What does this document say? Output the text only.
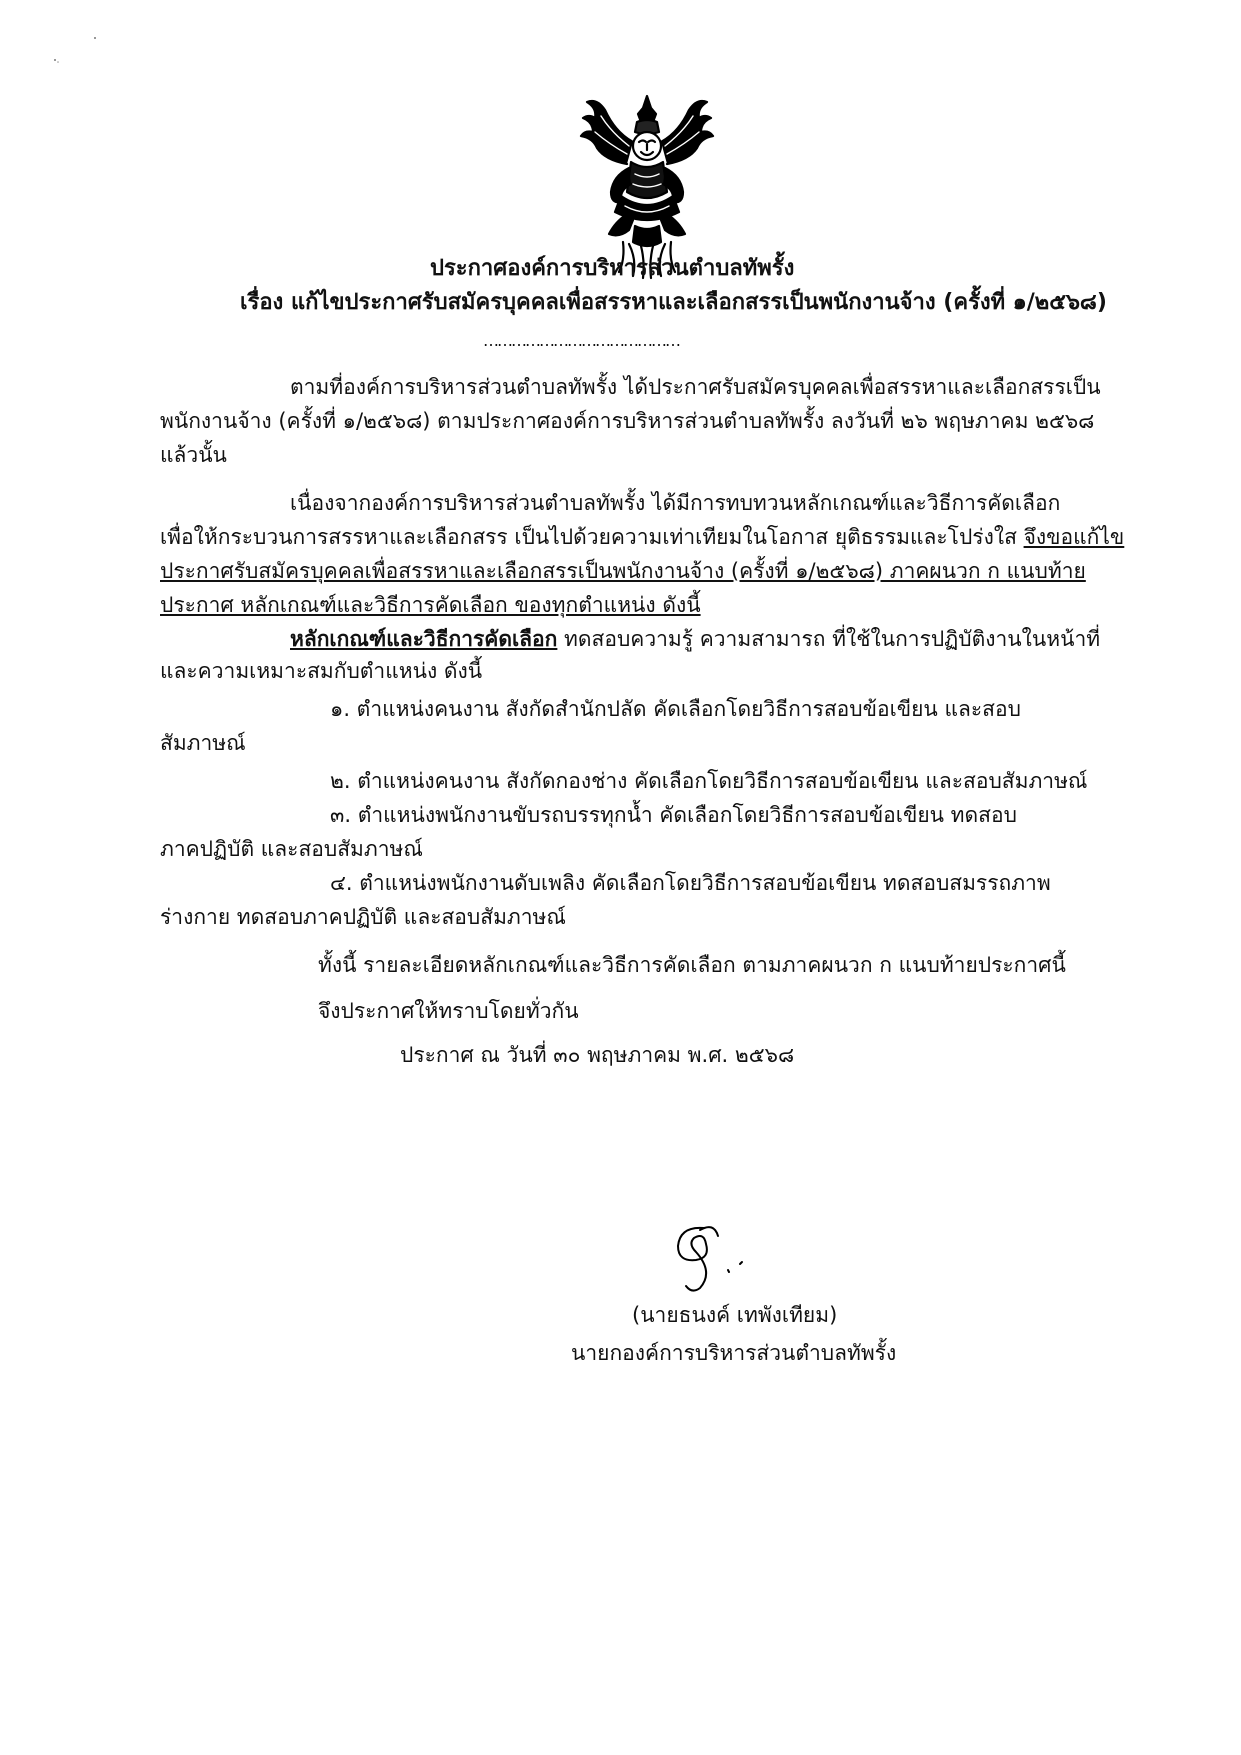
ประกาศองค์การบริหารส่วนตำบลทัพรั้ง
เรื่อง แก้ไขประกาศรับสมัครบุคคลเพื่อสรรหาและเลือกสรรเป็นพนักงานจ้าง (ครั้งที่ ๑/๒๕๖๘)
……………………………………
ตามที่องค์การบริหารส่วนตำบลทัพรั้ง ได้ประกาศรับสมัครบุคคลเพื่อสรรหาและเลือกสรรเป็น
พนักงานจ้าง (ครั้งที่ ๑/๒๕๖๘) ตามประกาศองค์การบริหารส่วนตำบลทัพรั้ง ลงวันที่ ๒๖ พฤษภาคม ๒๕๖๘
แล้วนั้น
เนื่องจากองค์การบริหารส่วนตำบลทัพรั้ง ได้มีการทบทวนหลักเกณฑ์และวิธีการคัดเลือก
เพื่อให้กระบวนการสรรหาและเลือกสรร เป็นไปด้วยความเท่าเทียมในโอกาส ยุติธรรมและโปร่งใส จึงขอแก้ไข
ประกาศรับสมัครบุคคลเพื่อสรรหาและเลือกสรรเป็นพนักงานจ้าง (ครั้งที่ ๑/๒๕๖๘) ภาคผนวก ก แนบท้าย
ประกาศ หลักเกณฑ์และวิธีการคัดเลือก ของทุกตำแหน่ง ดังนี้
หลักเกณฑ์และวิธีการคัดเลือก ทดสอบความรู้ ความสามารถ ที่ใช้ในการปฏิบัติงานในหน้าที่
และความเหมาะสมกับตำแหน่ง ดังนี้
๑. ตำแหน่งคนงาน สังกัดสำนักปลัด คัดเลือกโดยวิธีการสอบข้อเขียน และสอบ
สัมภาษณ์
๒. ตำแหน่งคนงาน สังกัดกองช่าง คัดเลือกโดยวิธีการสอบข้อเขียน และสอบสัมภาษณ์
๓. ตำแหน่งพนักงานขับรถบรรทุกน้ำ คัดเลือกโดยวิธีการสอบข้อเขียน ทดสอบ
ภาคปฏิบัติ และสอบสัมภาษณ์
๔. ตำแหน่งพนักงานดับเพลิง คัดเลือกโดยวิธีการสอบข้อเขียน ทดสอบสมรรถภาพ
ร่างกาย ทดสอบภาคปฏิบัติ และสอบสัมภาษณ์
ทั้งนี้ รายละเอียดหลักเกณฑ์และวิธีการคัดเลือก ตามภาคผนวก ก แนบท้ายประกาศนี้
จึงประกาศให้ทราบโดยทั่วกัน
ประกาศ ณ วันที่ ๓๐ พฤษภาคม พ.ศ. ๒๕๖๘
(นายธนงค์ เทพังเทียม)
นายกองค์การบริหารส่วนตำบลทัพรั้ง
